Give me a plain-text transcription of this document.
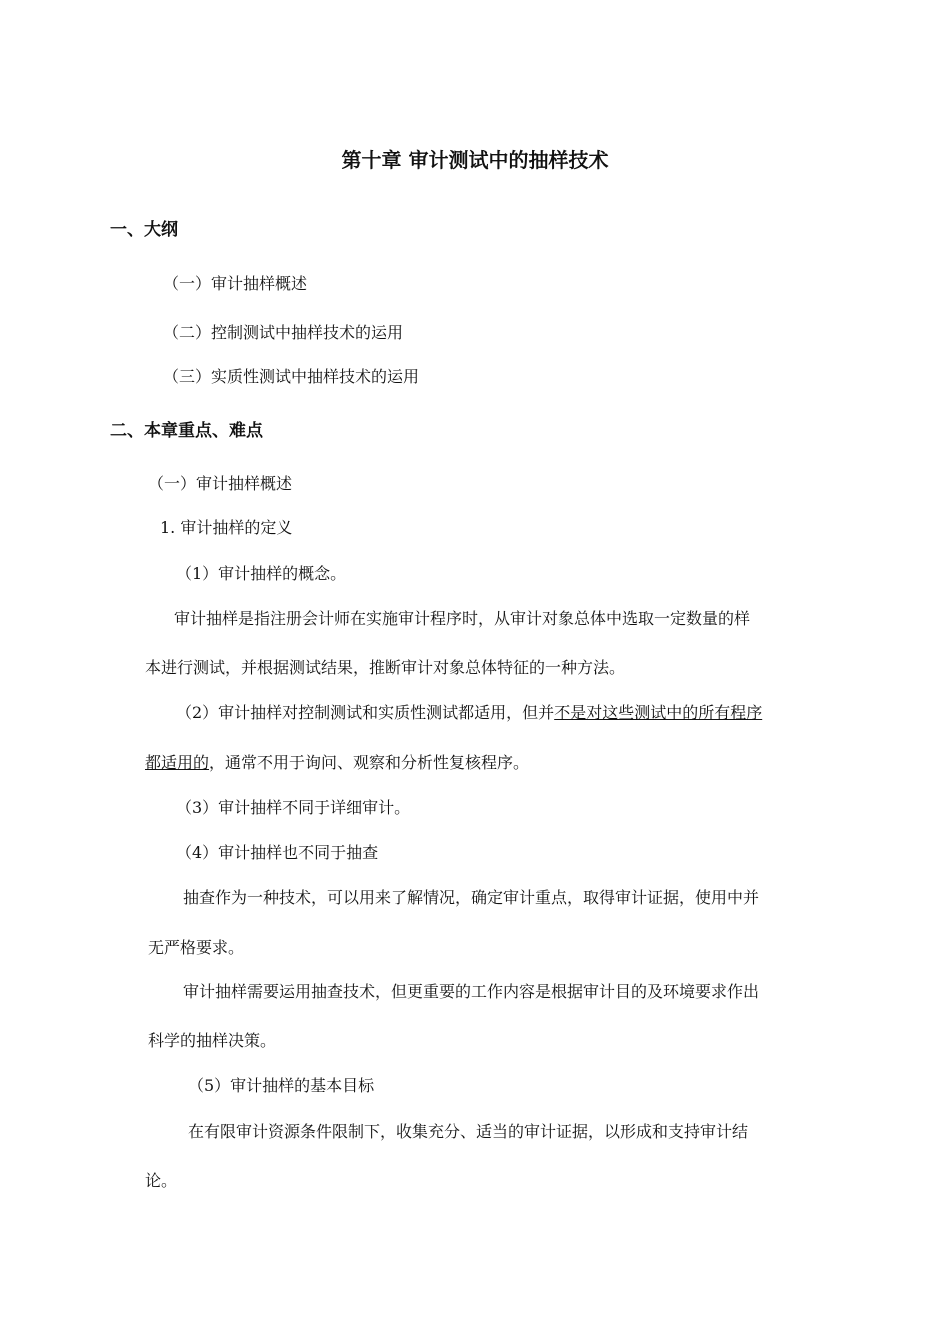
第十章 审计测试中的抽样技术
一、大纲
（一）审计抽样概述
（二）控制测试中抽样技术的运用
（三）实质性测试中抽样技术的运用
二、本章重点、难点
（一）审计抽样概述
1. 审计抽样的定义
（1）审计抽样的概念。
审计抽样是指注册会计师在实施审计程序时，从审计对象总体中选取一定数量的样
本进行测试，并根据测试结果，推断审计对象总体特征的一种方法。
（2）审计抽样对控制测试和实质性测试都适用，但并不是对这些测试中的所有程序
都适用的，通常不用于询问、观察和分析性复核程序。
（3）审计抽样不同于详细审计。
（4）审计抽样也不同于抽查
抽查作为一种技术，可以用来了解情况，确定审计重点，取得审计证据，使用中并
无严格要求。
审计抽样需要运用抽查技术，但更重要的工作内容是根据审计目的及环境要求作出
科学的抽样决策。
（5）审计抽样的基本目标
在有限审计资源条件限制下，收集充分、适当的审计证据，以形成和支持审计结
论。
